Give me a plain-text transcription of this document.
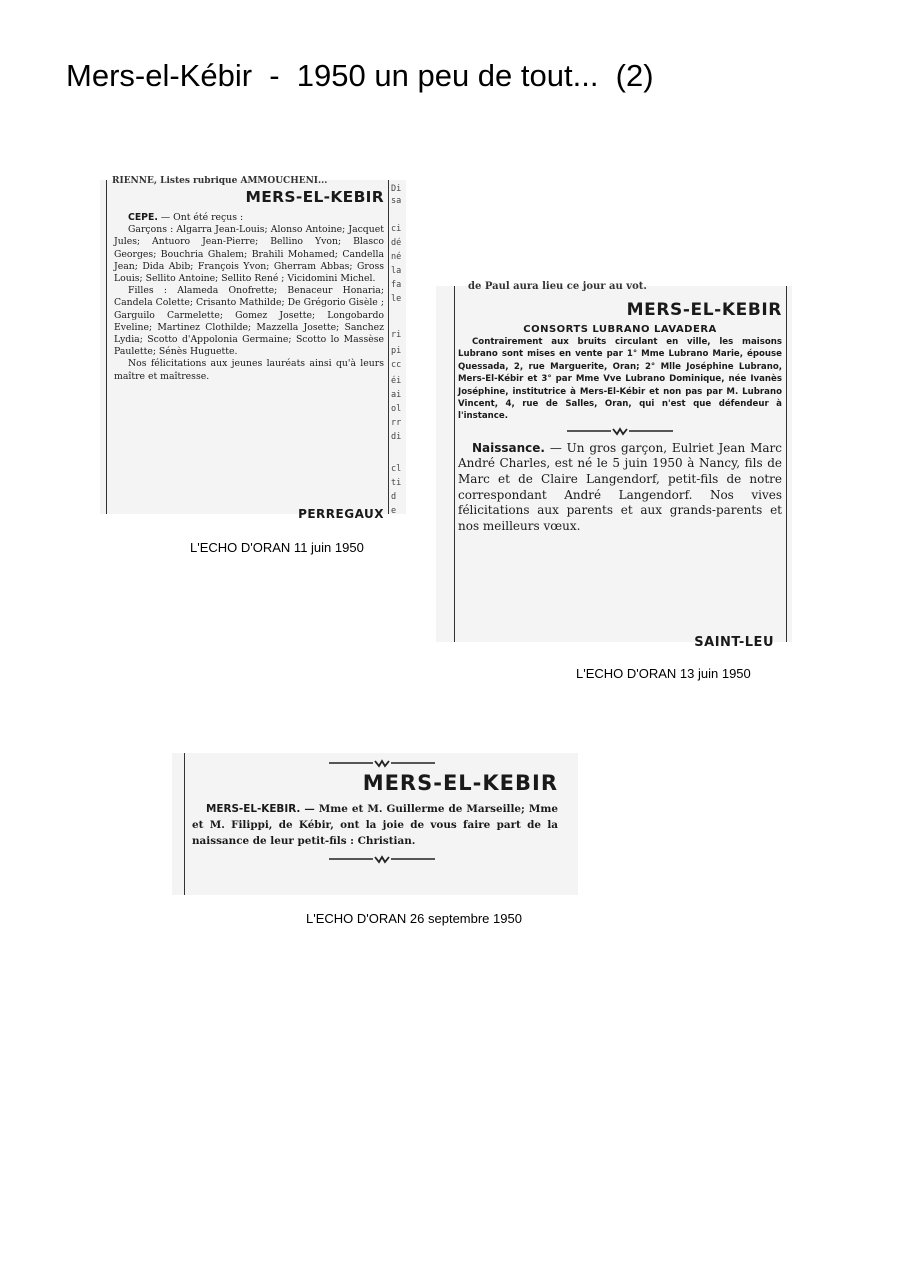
Mers-el-Kébir  -  1950 un peu de tout...  (2)
RIENNE, Listes rubrique AMMOUCHENI...
MERS-EL-KEBIR

CEPE. — Ont été reçus :

Garçons : Algarra Jean-Louis; Alonso Antoine; Jacquet Jules; Antuoro Jean-Pierre; Bellino Yvon; Blasco Georges; Bouchria Ghalem; Brahili Mohamed; Candella Jean; Dida Abib; François Yvon; Gherram Abbas; Gross Louis; Sellito Antoine; Sellito René ; Vicidomini Michel.

Filles : Alameda Onofrette; Benaceur Honaria; Candela Colette; Crisanto Mathilde; De Grégorio Gisèle ; Garguilo Carmelette; Gomez Josette; Longobardo Eveline; Martinez Clothilde; Mazzella Josette; Sanchez Lydia; Scotto d'Appolonia Germaine; Scotto lo Massèse Paulette; Sénès Huguette.

Nos félicitations aux jeunes lauréats ainsi qu'à leurs maître et maîtresse.

PERREGAUX
Di
sa
ci
dé
né
la
fa
le
ri
pi
cc
éi
ai
ol
rr
di
cl
ti
d
e
L'ECHO D'ORAN 11 juin 1950
de Paul aura lieu ce jour au vot.
MERS-EL-KEBIR
CONSORTS LUBRANO LAVADERA

Contrairement aux bruits circulant en ville, les maisons Lubrano sont mises en vente par 1° Mme Lubrano Marie, épouse Quessada, 2, rue Marguerite, Oran; 2° Mlle Joséphine Lubrano, Mers-El-Kébir et 3° par Mme Vve Lubrano Dominique, née Ivanès Joséphine, institutrice à Mers-El-Kébir et non pas par M. Lubrano Vincent, 4, rue de Salles, Oran, qui n'est que défendeur à l'instance.

Naissance. — Un gros garçon, Eulriet Jean Marc André Charles, est né le 5 juin 1950 à Nancy, fils de Marc et de Claire Langendorf, petit-fils de notre correspondant André Langendorf. Nos vives félicitations aux parents et aux grands-parents et nos meilleurs vœux.

SAINT-LEU
L'ECHO D'ORAN 13 juin 1950
MERS-EL-KEBIR

MERS-EL-KEBIR. — Mme et M. Guillerme de Marseille; Mme et M. Filippi, de Kébir, ont la joie de vous faire part de la naissance de leur petit-fils : Christian.

L'ECHO D'ORAN 26 septembre 1950
